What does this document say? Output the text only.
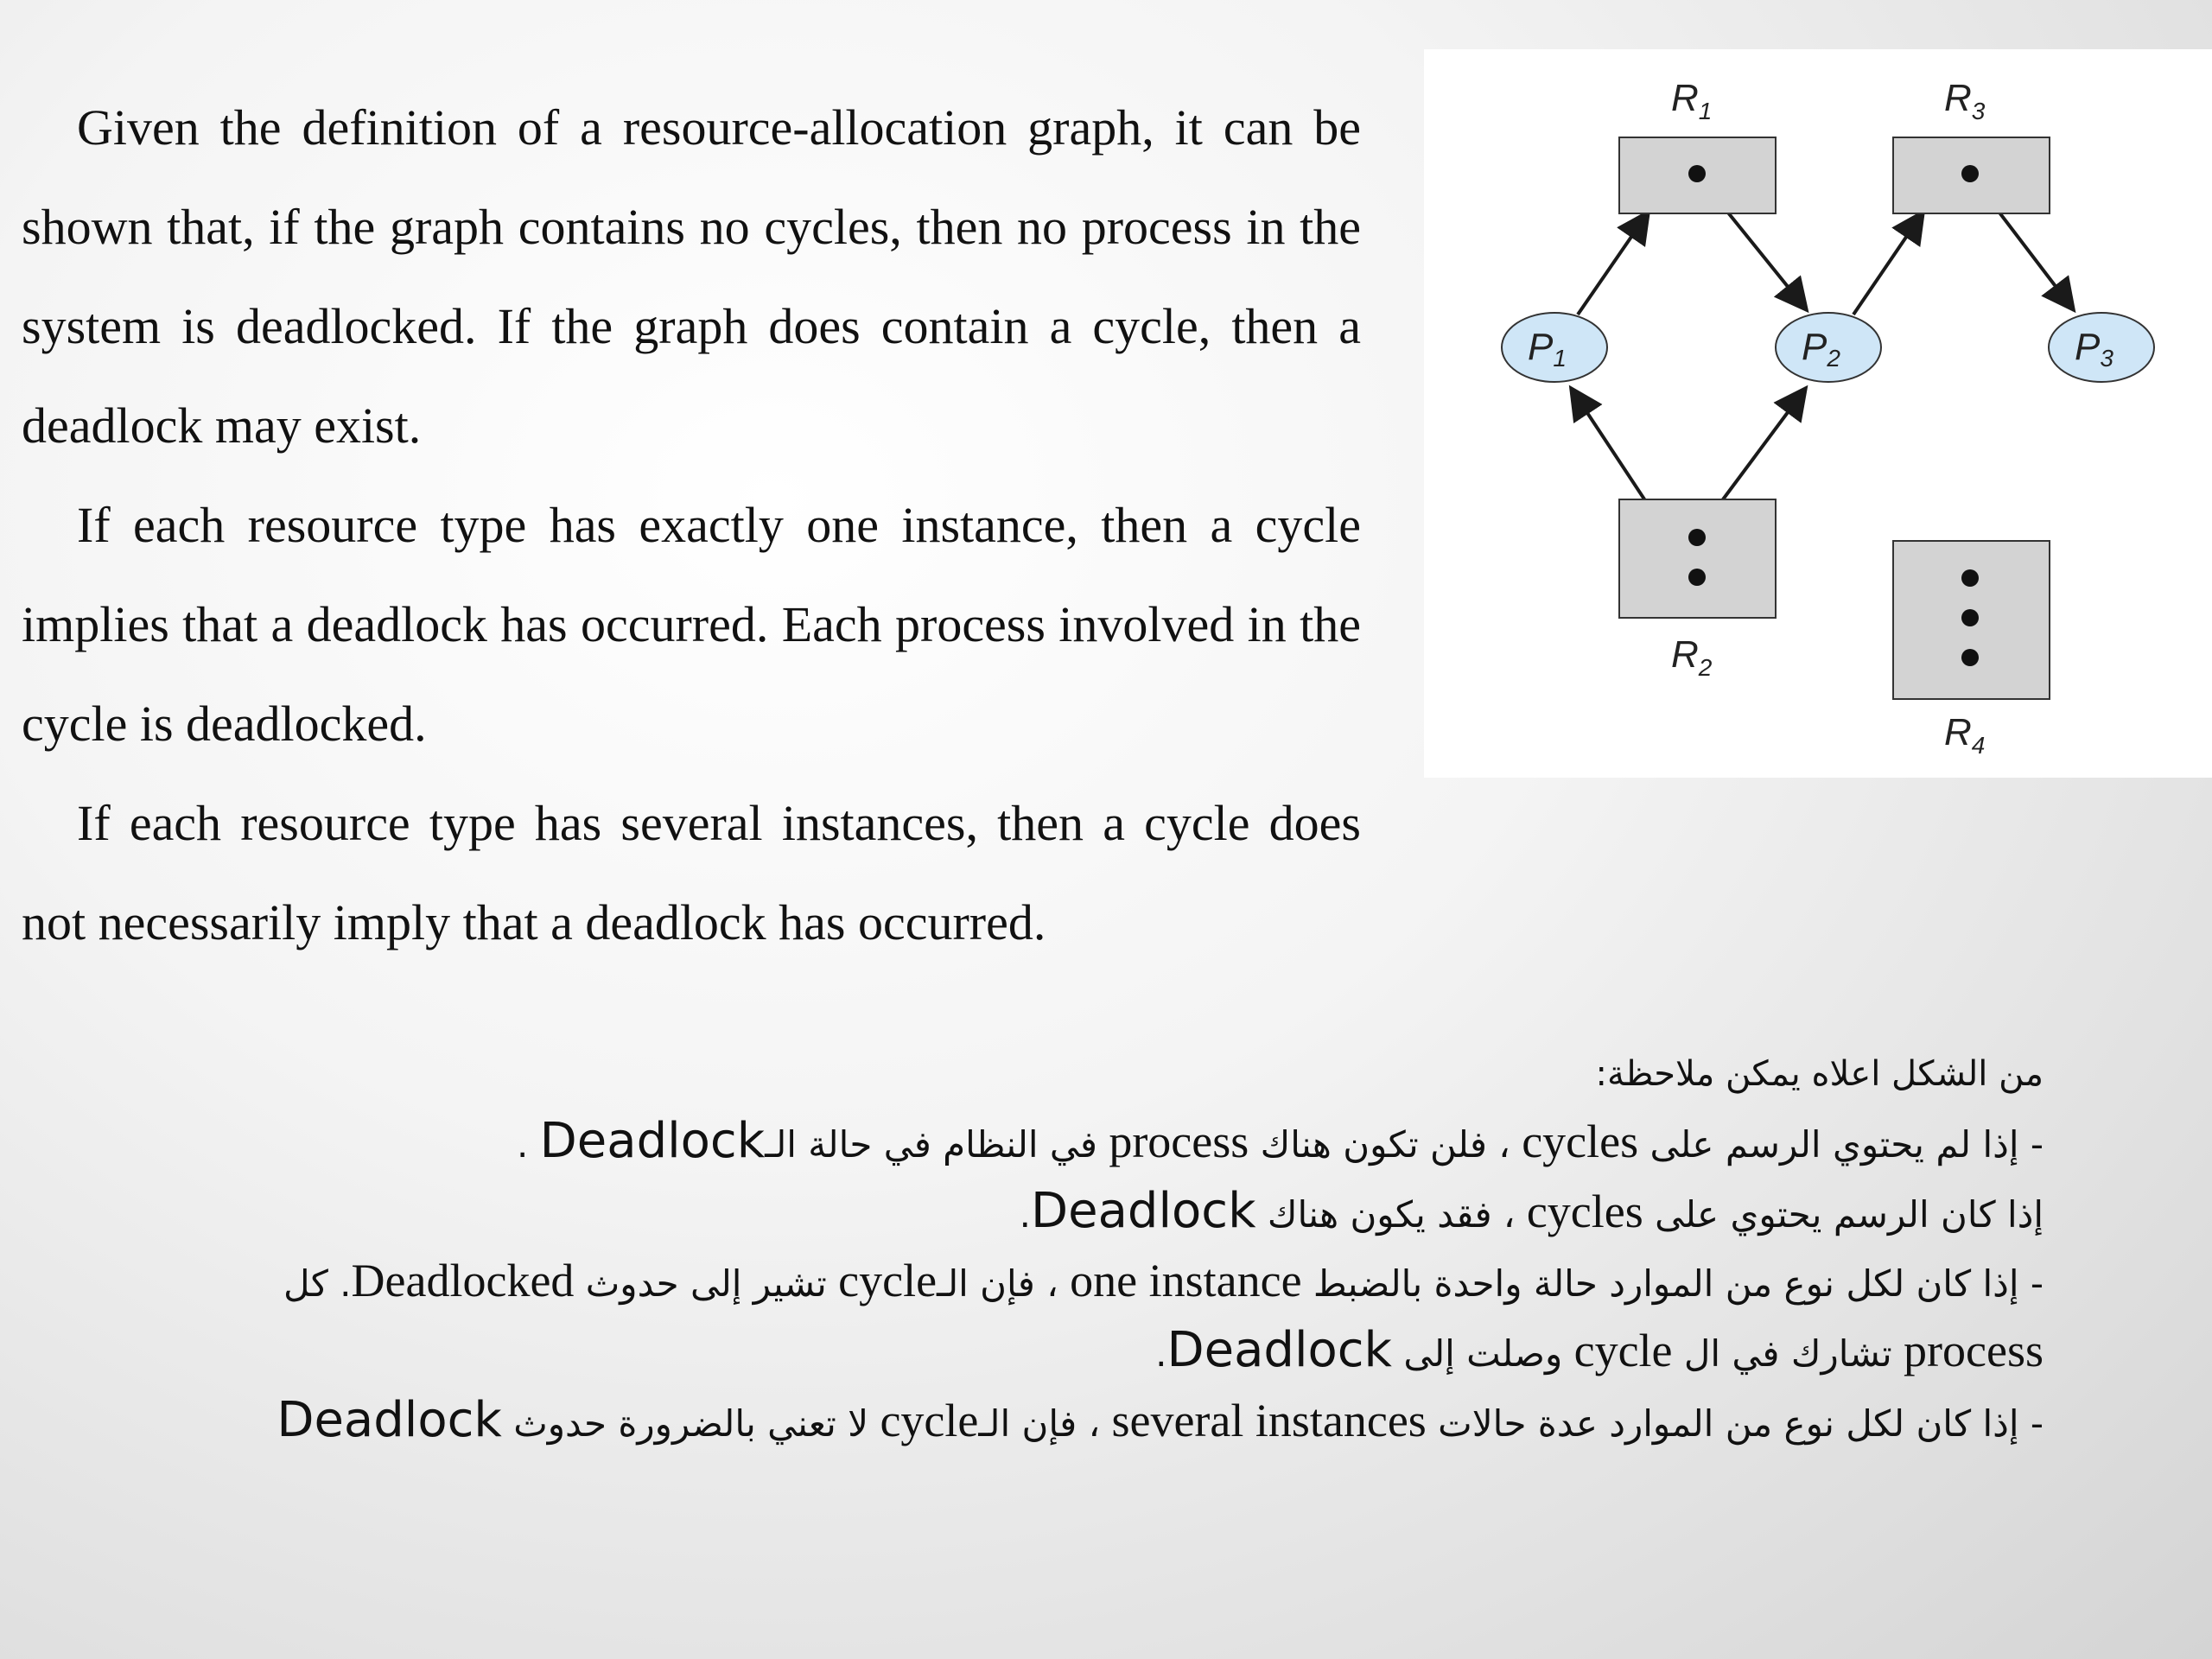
Given the definition of a resource-allocation graph, it can be shown that, if the graph contains no cycles, then no process in the system is deadlocked. If the graph does contain a cycle, then a deadlock may exist.

If each resource type has exactly one instance, then a cycle implies that a deadlock has occurred. Each process involved in the cycle is deadlocked.

If each resource type has several instances, then a cycle does not necessarily imply that a deadlock has occurred.

$R_1$	$R_3$
$R_2$
$R_4$
P1	P2	P3

من الشكل اعلاه يمكن ملاحظة:

- إذا لم يحتوي الرسم على cycles ، فلن تكون هناك process في النظام في حالة الـDeadlock .

إذا كان الرسم يحتوي على cycles ، فقد يكون هناك Deadlock.

- إذا كان لكل نوع من الموارد حالة واحدة بالضبط one instance ، فإن الـcycle تشير إلى حدوث Deadlocked. كل

process تشارك في ال cycle وصلت إلى Deadlock.

- إذا كان لكل نوع من الموارد عدة حالات several instances ، فإن الـcycle لا تعني بالضرورة حدوث Deadlock
